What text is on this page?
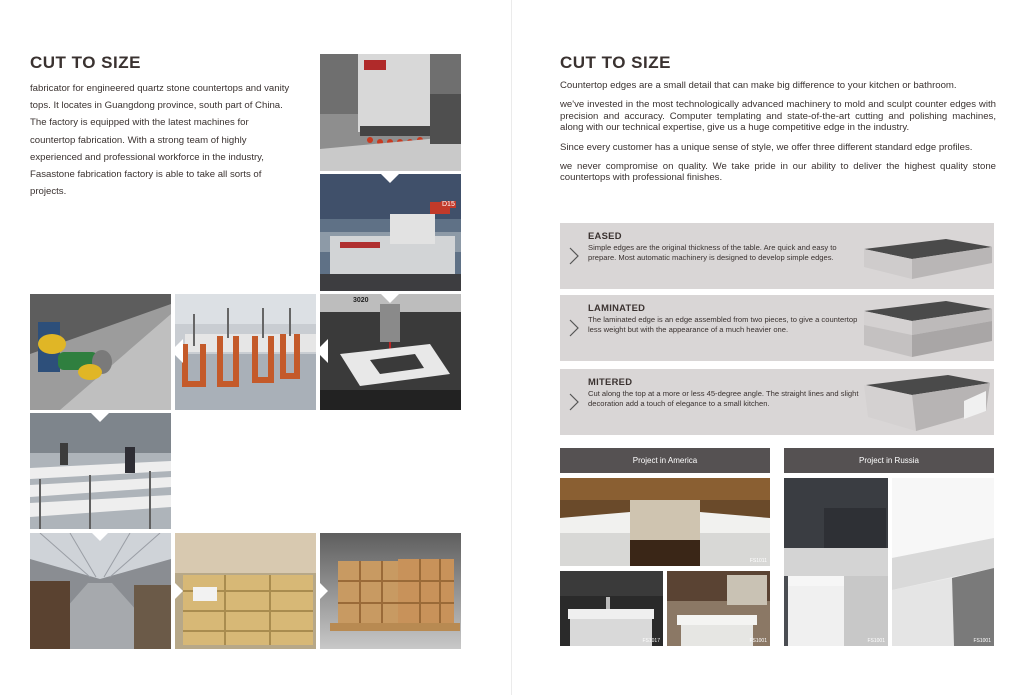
CUT TO SIZE

fabricator for engineered quartz stone countertops and vanity tops. It locates in Guangdong province, south part of China. The factory is equipped with the latest machines for countertop fabrication. With a strong team of highly experienced and professional workforce in the industry, Fasastone fabrication factory is able to take all sorts of projects.

D15
3020
CUT TO SIZE

Countertop edges are a small detail that can make big difference to your kitchen or bathroom.

we've invested in the most technologically advanced machinery to mold and sculpt counter edges with precision and accuracy. Computer templating and state-of-the-art cutting and polishing machines, along with our technical expertise, give us a huge competitive edge in the industry.

Since every customer has a unique sense of style, we offer three different standard edge profiles.

we never compromise on quality. We take pride in our ability to deliver the highest quality stone countertops with professional finishes.

EASED
Simple edges are the original thickness of the table. Are quick and easy to prepare. Most automatic machinery is designed to develop simple edges.
LAMINATED
The laminated edge is an edge assembled from two pieces, to give a countertop less weight but with the appearance of a much heavier one.
MITERED
Cut along the top at a more or less 45-degree angle. The straight lines and slight decoration add a touch of elegance to a small kitchen.
Project in America	Project in Russia
FS1011
FS1017	FS1001	FS1001	FS1001
